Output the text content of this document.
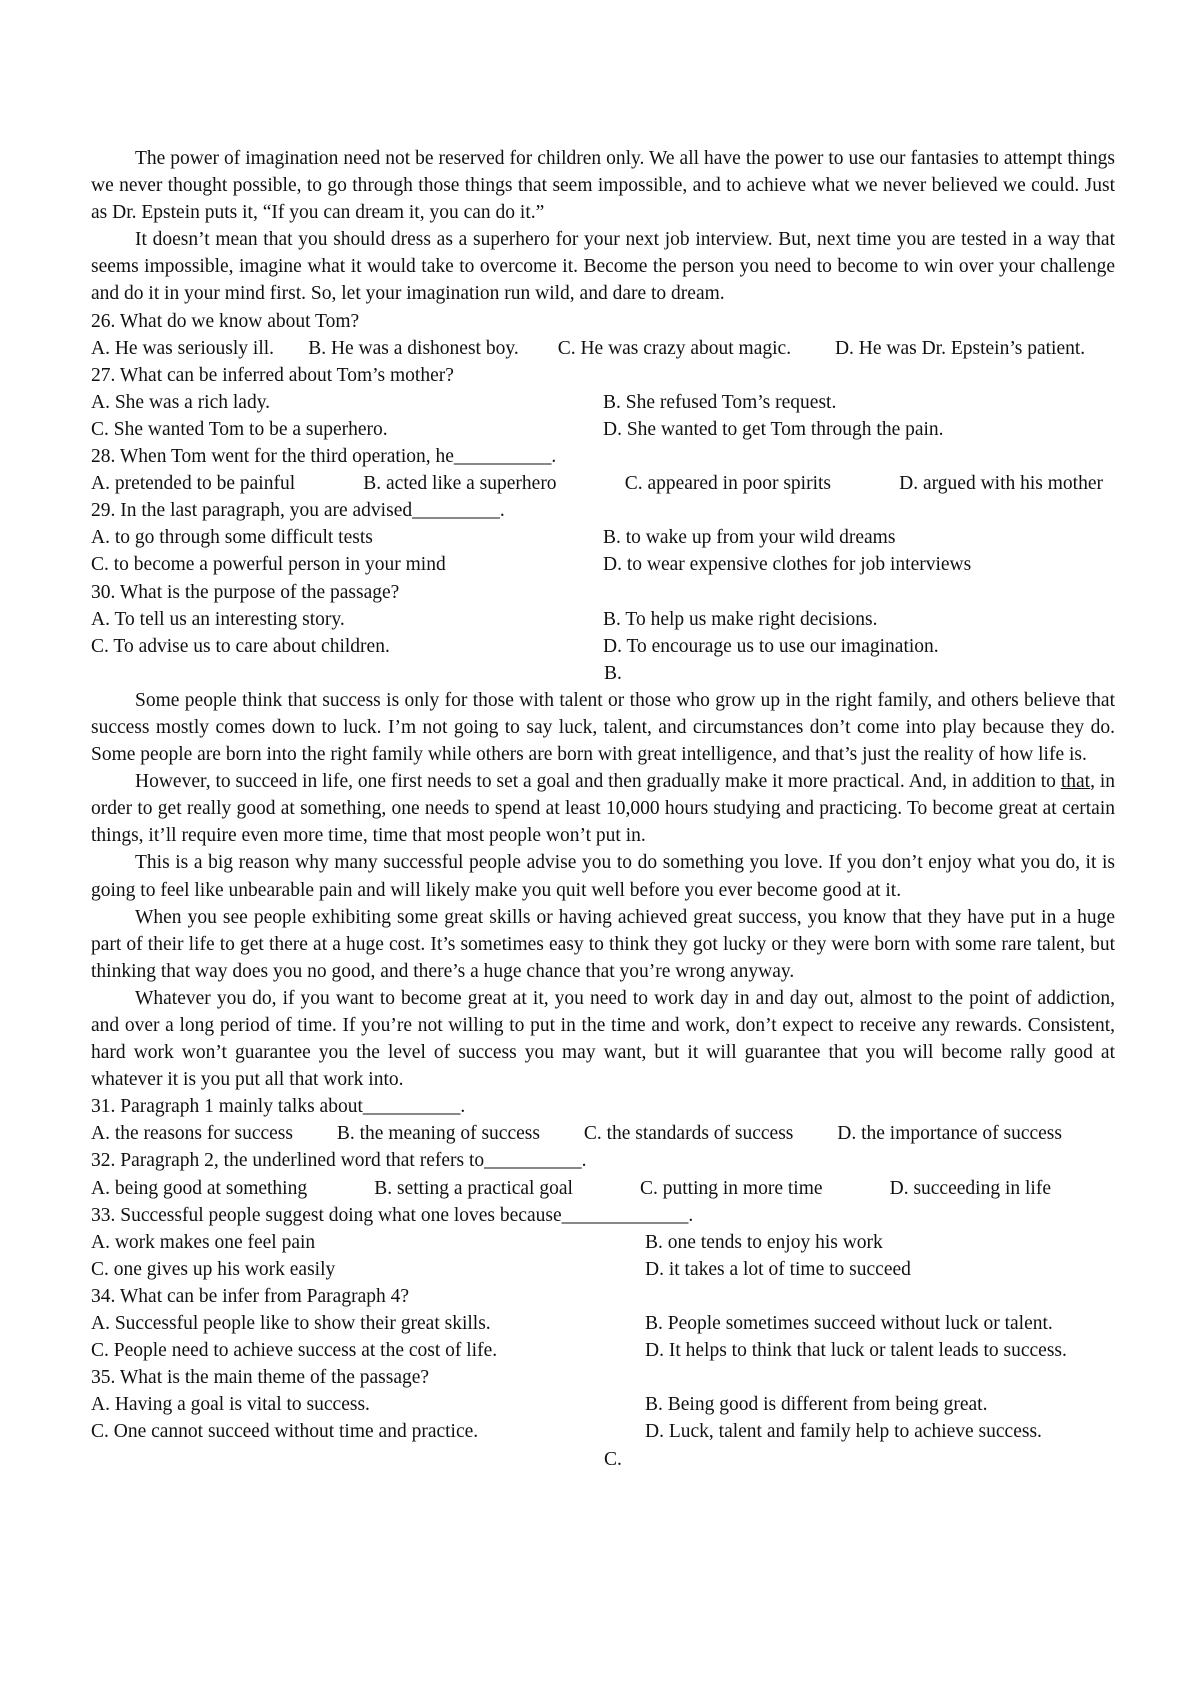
The power of imagination need not be reserved for children only. We all have the power to use our fantasies to attempt things we never thought possible, to go through those things that seem impossible, and to achieve what we never believed we could. Just as Dr. Epstein puts it, “If you can dream it, you can do it.”

It doesn’t mean that you should dress as a superhero for your next job interview. But, next time you are tested in a way that seems impossible, imagine what it would take to overcome it. Become the person you need to become to win over your challenge and do it in your mind first. So, let your imagination run wild, and dare to dream.

26. What do we know about Tom?

A. He was seriously ill. B. He was a dishonest boy. C. He was crazy about magic. D. He was Dr. Epstein’s patient.

27. What can be inferred about Tom’s mother?

A. She was a rich lady.	B. She refused Tom’s request.
C. She wanted Tom to be a superhero.	D. She wanted to get Tom through the pain.

28. When Tom went for the third operation, he__________.

A. pretended to be painful	B. acted like a superhero	C. appeared in poor spirits	D. argued with his mother

29. In the last paragraph, you are advised_________.

A. to go through some difficult tests	B. to wake up from your wild dreams
C. to become a powerful person in your mind	D. to wear expensive clothes for job interviews

30. What is the purpose of the passage?

A. To tell us an interesting story.	B. To help us make right decisions.
C. To advise us to care about children.	D. To encourage us to use our imagination.

B.

Some people think that success is only for those with talent or those who grow up in the right family, and others believe that success mostly comes down to luck. I’m not going to say luck, talent, and circumstances don’t come into play because they do. Some people are born into the right family while others are born with great intelligence, and that’s just the reality of how life is.

However, to succeed in life, one first needs to set a goal and then gradually make it more practical. And, in addition to that, in order to get really good at something, one needs to spend at least 10,000 hours studying and practicing. To become great at certain things, it’ll require even more time, time that most people won’t put in.

This is a big reason why many successful people advise you to do something you love. If you don’t enjoy what you do, it is going to feel like unbearable pain and will likely make you quit well before you ever become good at it.

When you see people exhibiting some great skills or having achieved great success, you know that they have put in a huge part of their life to get there at a huge cost. It’s sometimes easy to think they got lucky or they were born with some rare talent, but thinking that way does you no good, and there’s a huge chance that you’re wrong anyway.

Whatever you do, if you want to become great at it, you need to work day in and day out, almost to the point of addiction, and over a long period of time. If you’re not willing to put in the time and work, don’t expect to receive any rewards. Consistent, hard work won’t guarantee you the level of success you may want, but it will guarantee that you will become rally good at whatever it is you put all that work into.

31. Paragraph 1 mainly talks about__________.

A. the reasons for success B. the meaning of success C. the standards of success D. the importance of success

32. Paragraph 2, the underlined word that refers to__________.

A. being good at something	B. setting a practical goal	C. putting in more time	D. succeeding in life

33. Successful people suggest doing what one loves because_____________.

A. work makes one feel pain	B. one tends to enjoy his work
C. one gives up his work easily	D. it takes a lot of time to succeed

34. What can be infer from Paragraph 4?

A. Successful people like to show their great skills.	B. People sometimes succeed without luck or talent.
C. People need to achieve success at the cost of life.	D. It helps to think that luck or talent leads to success.

35. What is the main theme of the passage?

A. Having a goal is vital to success.	B. Being good is different from being great.
C. One cannot succeed without time and practice.	D. Luck, talent and family help to achieve success.

C.
